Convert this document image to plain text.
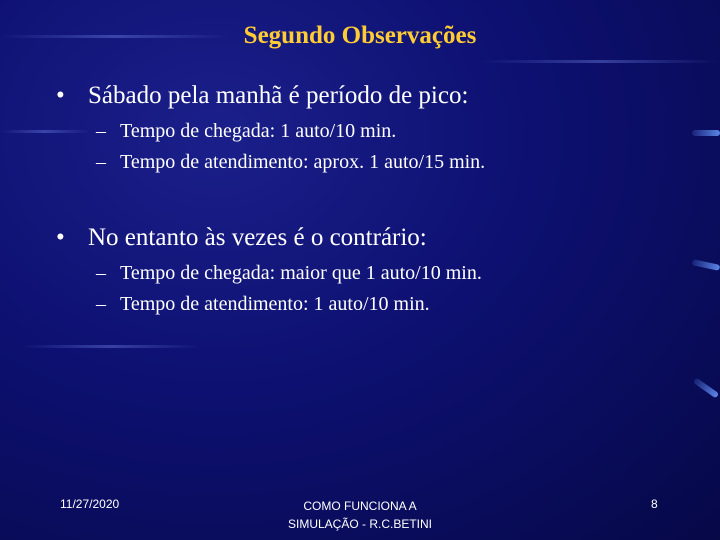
Segundo Observações
• Sábado pela manhã é período de pico:
– Tempo de chegada: 1 auto/10 min.
– Tempo de atendimento: aprox. 1 auto/15 min.
• No entanto às vezes é o contrário:
– Tempo de chegada: maior que 1 auto/10 min.
– Tempo de atendimento: 1 auto/10 min.
11/27/2020	COMO FUNCIONA A
SIMULAÇÃO - R.C.BETINI
8
